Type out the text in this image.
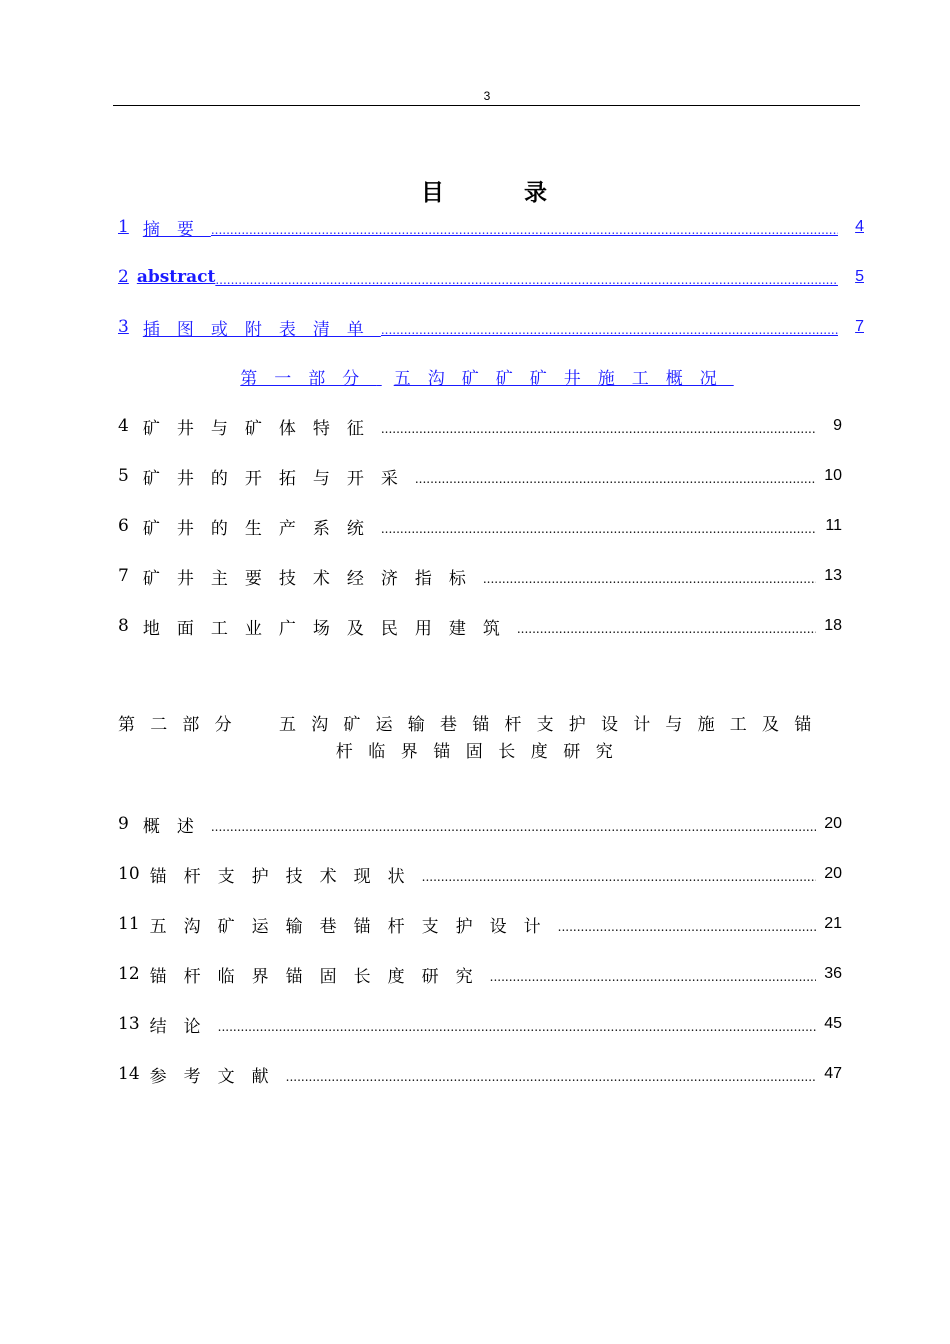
3
目 录
1 摘要 .....	4
2 abstract .....	5
3 插图或附表清单 .....	7
第一部分 五沟矿矿矿井施工概况
4 矿井与矿体特征 .....	9
5 矿井的开拓与开采 .....	10
6 矿井的生产系统 .....	11
7 矿井主要技术经济指标 .....	13
8 地面工业广场及民用建筑 .....	18
第二部分　五沟矿运输巷锚杆支护设计与施工及锚
杆临界锚固长度研究
9 概述 .....	20
10 锚杆支护技术现状 .....	20
11 五沟矿运输巷锚杆支护设计 .....	21
12 锚杆临界锚固长度研究 .....	36
13 结论 .....	45
14 参考文献 .....	47
